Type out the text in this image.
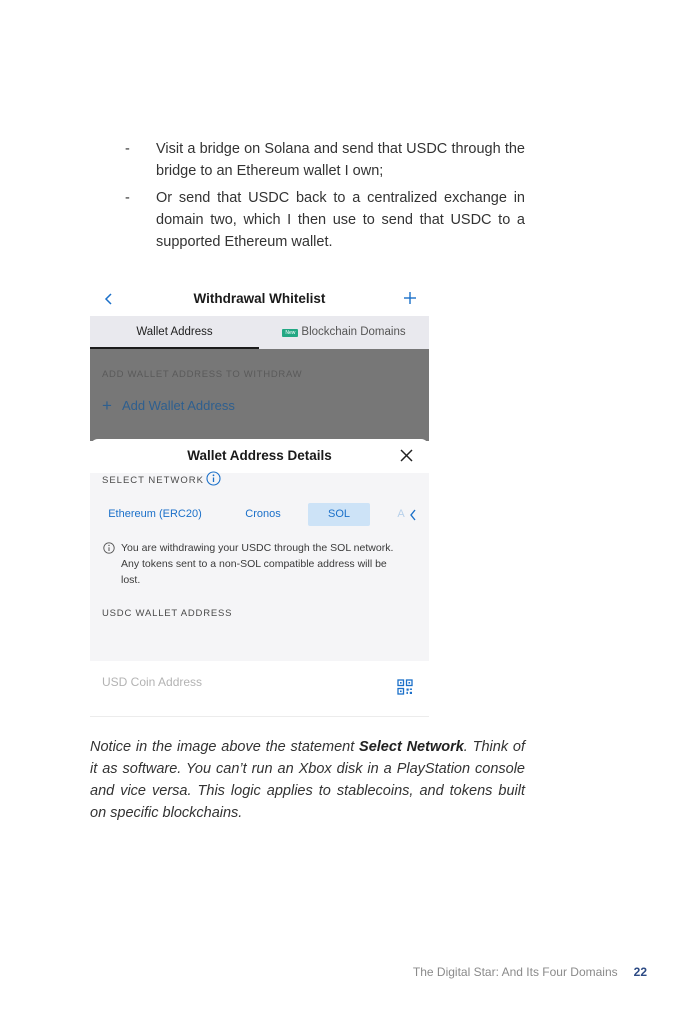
-	Visit a bridge on Solana and send that USDC through the bridge to an Ethereum wallet I own;
-	Or send that USDC back to a centralized exchange in domain two, which I then use to send that USDC to a supported Ethereum wallet.
Withdrawal Whitelist
Wallet Address	New Blockchain Domains
ADD WALLET ADDRESS TO WITHDRAW
+ Add Wallet Address
Wallet Address Details
SELECT NETWORK
Ethereum (ERC20)	Cronos	SOL	A
You are withdrawing your USDC through the SOL network. Any tokens sent to a non-SOL compatible address will be lost.
USDC WALLET ADDRESS
USD Coin Address
Notice in the image above the statement Select Network. Think of it as software. You can’t run an Xbox disk in a PlayStation console and vice versa. This logic applies to stablecoins, and tokens built on specific blockchains.
The Digital Star: And Its Four Domains 22
